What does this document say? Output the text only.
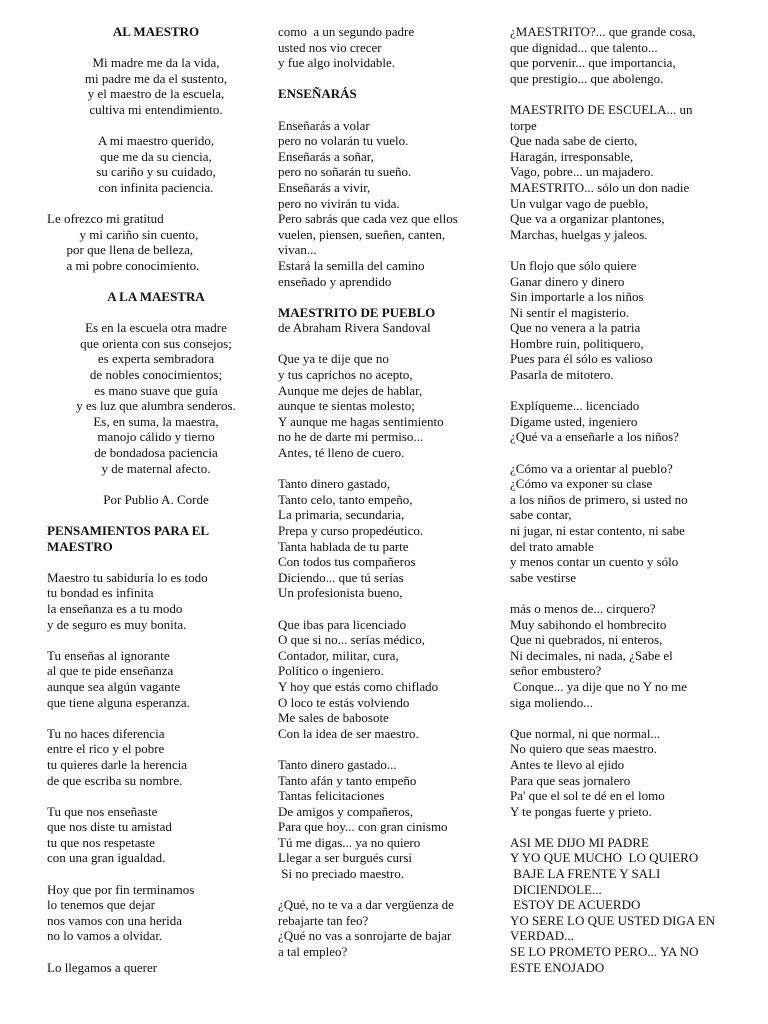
AL MAESTRO
Mi madre me da la vida,
mi padre me da el sustento,
y el maestro de la escuela,
cultiva mi entendimiento.
A mi maestro querido,
que me da su ciencia,
su cariño y su cuidado,
con infinita paciencia.
Le ofrezco mi gratitud
y mi cariño sin cuento,
por que llena de belleza,
a mi pobre conocimiento.
A LA MAESTRA
Es en la escuela otra madre
que orienta con sus consejos;
es experta sembradora
de nobles conocimientos;
es mano suave que guía
y es luz que alumbra senderos.
Es, en suma, la maestra,
manojo cálido y tierno
de bondadosa paciencia
y de maternal afecto.
Por Publio A. Corde
PENSAMIENTOS PARA EL
MAESTRO
Maestro tu sabiduría lo es todo
tu bondad es infinita
la enseñanza es a tu modo
y de seguro es muy bonita.
Tu enseñas al ignorante
al que te pide enseñanza
aunque sea algún vagante
que tiene alguna esperanza.
Tu no haces diferencia
entre el rico y el pobre
tu quieres darle la herencia
de que escriba su nombre.
Tu que nos enseñaste
que nos diste tu amistad
tu que nos respetaste
con una gran igualdad.
Hoy que por fin terminamos
lo tenemos que dejar
nos vamos con una herida
no lo vamos a olvidar.
Lo llegamos a querer
como  a un segundo padre
usted nos vio crecer
y fue algo inolvidable.
ENSEÑARÁS
Enseñarás a volar
pero no volarán tu vuelo.
Enseñarás a soñar,
pero no soñarán tu sueño.
Enseñarás a vivir,
pero no vivirán tu vida.
Pero sabrás que cada vez que ellos
vuelen, piensen, sueñen, canten,
vivan...
Estará la semilla del camino
enseñado y aprendido
MAESTRITO DE PUEBLO
de Abraham Rivera Sandoval
Que ya te dije que no
y tus caprichos no acepto,
Aunque me dejes de hablar,
aunque te sientas molesto;
Y aunque me hagas sentimiento
no he de darte mi permiso...
Antes, té lleno de cuero.
Tanto dinero gastado,
Tanto celo, tanto empeño,
La primaria, secundaria,
Prepa y curso propedéutico.
Tanta hablada de tu parte
Con todos tus compañeros
Diciendo... que tú serías
Un profesionista bueno,
Que ibas para licenciado
O que si no... serías médico,
Contador, militar, cura,
Político o ingeniero.
Y hoy que estás como chiflado
O loco te estás volviendo
Me sales de babosote
Con la idea de ser maestro.
Tanto dinero gastado...
Tanto afán y tanto empeño
Tantas felicitaciones
De amigos y compañeros,
Para que hoy... con gran cinismo
Tú me digas... ya no quiero
Llegar a ser burgués cursi
Si no preciado maestro.
¿Qué, no te va a dar vergüenza de
rebajarte tan feo?
¿Qué no vas a sonrojarte de bajar
a tal empleo?
¿MAESTRITO?... que grande cosa,
que dignidad... que talento...
que porvenir... que importancia,
que prestigio... que abolengo.
MAESTRITO DE ESCUELA... un
torpe
Que nada sabe de cierto,
Haragán, irresponsable,
Vago, pobre... un majadero.
MAESTRITO... sólo un don nadie
Un vulgar vago de pueblo,
Que va a organizar plantones,
Marchas, huelgas y jaleos.
Un flojo que sólo quiere
Ganar dinero y dinero
Sin importarle a los niños
Ni sentir el magisterio.
Que no venera a la patria
Hombre ruin, politiquero,
Pues para él sólo es valioso
Pasarla de mitotero.
Explíqueme... licenciado
Dígame usted, ingeniero
¿Qué va a enseñarle a los niños?
¿Cómo va a orientar al pueblo?
¿Cómo va exponer su clase
a los niños de primero, si usted no
sabe contar,
ni jugar, ni estar contento, ni sabe
del trato amable
y menos contar un cuento y sólo
sabe vestirse
más o menos de... cirquero?
Muy sabihondo el hombrecito
Que ni quebrados, ni enteros,
Ni decimales, ni nada, ¿Sabe el
señor embustero?
Conque... ya dije que no Y no me
siga moliendo...
Que normal, ni que normal...
No quiero que seas maestro.
Antes te llevo al ejido
Para que seas jornalero
Pa' que el sol te dé en el lomo
Y te pongas fuerte y prieto.
ASI ME DIJO MI PADRE
Y YO QUE MUCHO  LO QUIERO
BAJE LA FRENTE Y SALI
DICIENDOLE...
ESTOY DE ACUERDO
YO SERE LO QUE USTED DIGA EN
VERDAD...
SE LO PROMETO PERO... YA NO
ESTE ENOJADO
